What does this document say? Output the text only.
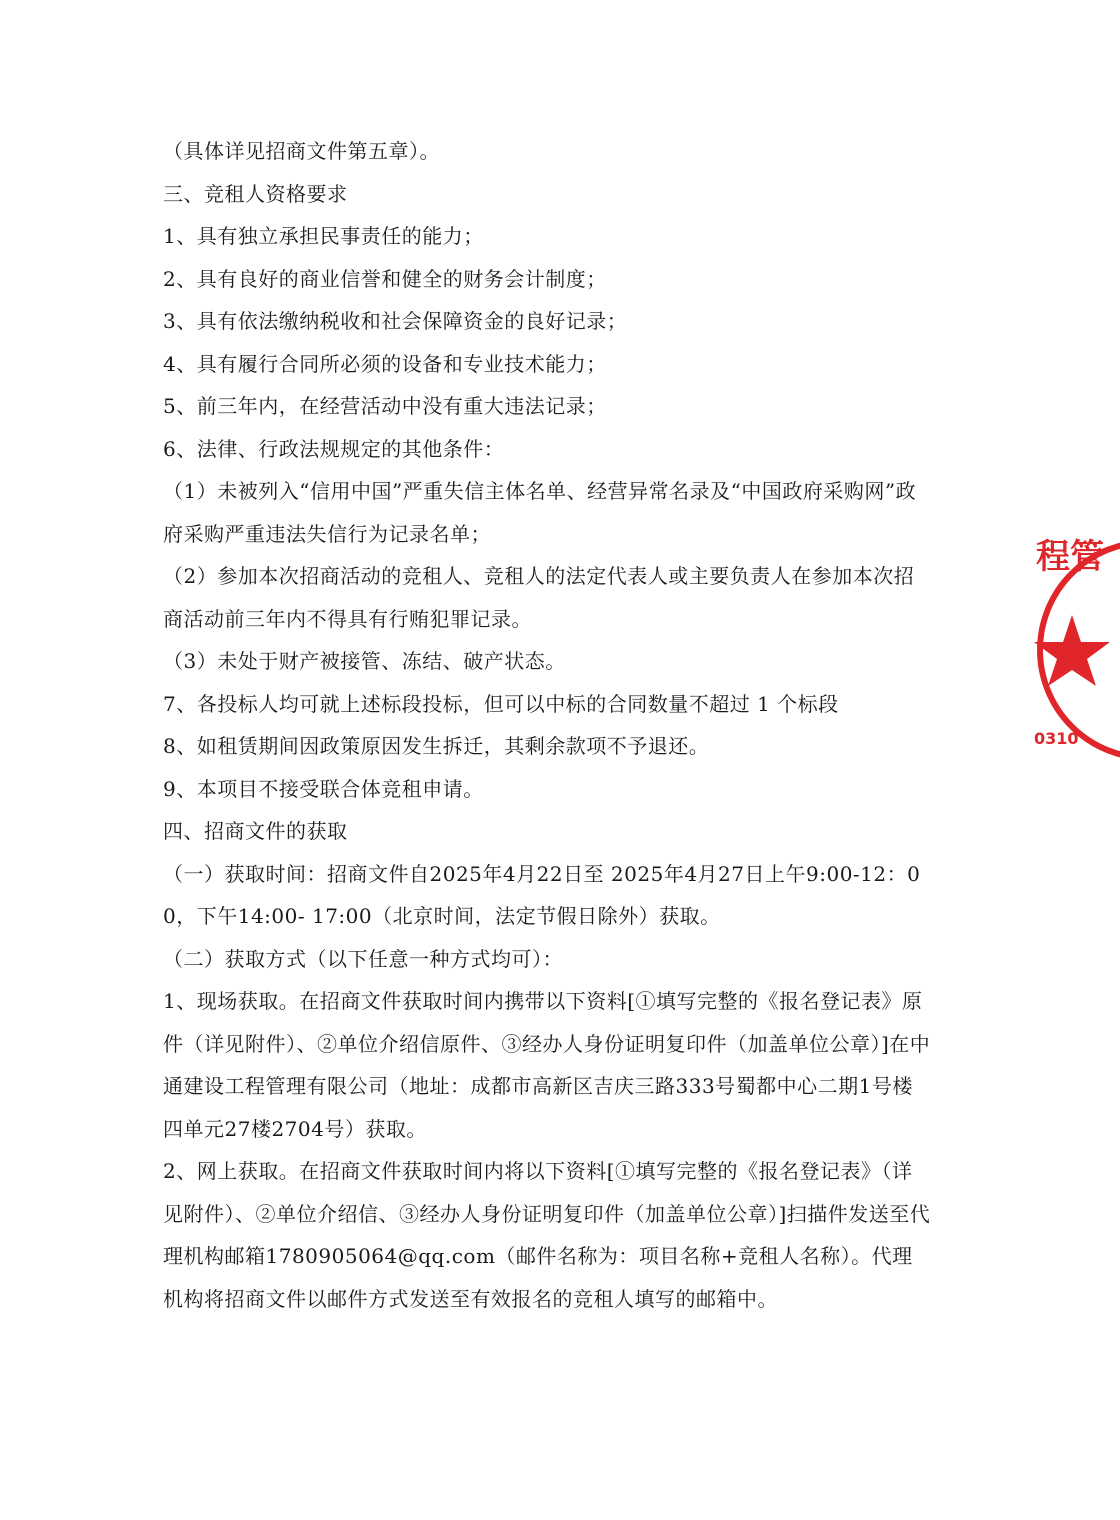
（具体详见招商文件第五章）。

三、竞租人资格要求

1、具有独立承担民事责任的能力；

2、具有良好的商业信誉和健全的财务会计制度；

3、具有依法缴纳税收和社会保障资金的良好记录；

4、具有履行合同所必须的设备和专业技术能力；

5、前三年内，在经营活动中没有重大违法记录；

6、法律、行政法规规定的其他条件：

（1）未被列入“信用中国”严重失信主体名单、经营异常名录及“中国政府采购网”政府采购严重违法失信行为记录名单；

（2）参加本次招商活动的竞租人、竞租人的法定代表人或主要负责人在参加本次招商活动前三年内不得具有行贿犯罪记录。

（3）未处于财产被接管、冻结、破产状态。

7、各投标人均可就上述标段投标，但可以中标的合同数量不超过 1 个标段

8、如租赁期间因政策原因发生拆迁，其剩余款项不予退还。

9、本项目不接受联合体竞租申请。

四、招商文件的获取

（一）获取时间：招商文件自2025年4月22日至 2025年4月27日上午9:00-12：00，下午14:00- 17:00（北京时间，法定节假日除外）获取。

（二）获取方式（以下任意一种方式均可）：

1、现场获取。在招商文件获取时间内携带以下资料[①填写完整的《报名登记表》原件（详见附件）、②单位介绍信原件、③经办人身份证明复印件（加盖单位公章）]在中通建设工程管理有限公司（地址：成都市高新区吉庆三路333号蜀都中心二期1号楼四单元27楼2704号）获取。

2、网上获取。在招商文件获取时间内将以下资料[①填写完整的《报名登记表》（详见附件）、②单位介绍信、③经办人身份证明复印件（加盖单位公章）]扫描件发送至代理机构邮箱1780905064@qq.com（邮件名称为：项目名称+竞租人名称）。代理机构将招商文件以邮件方式发送至有效报名的竞租人填写的邮箱中。

程管
0310
